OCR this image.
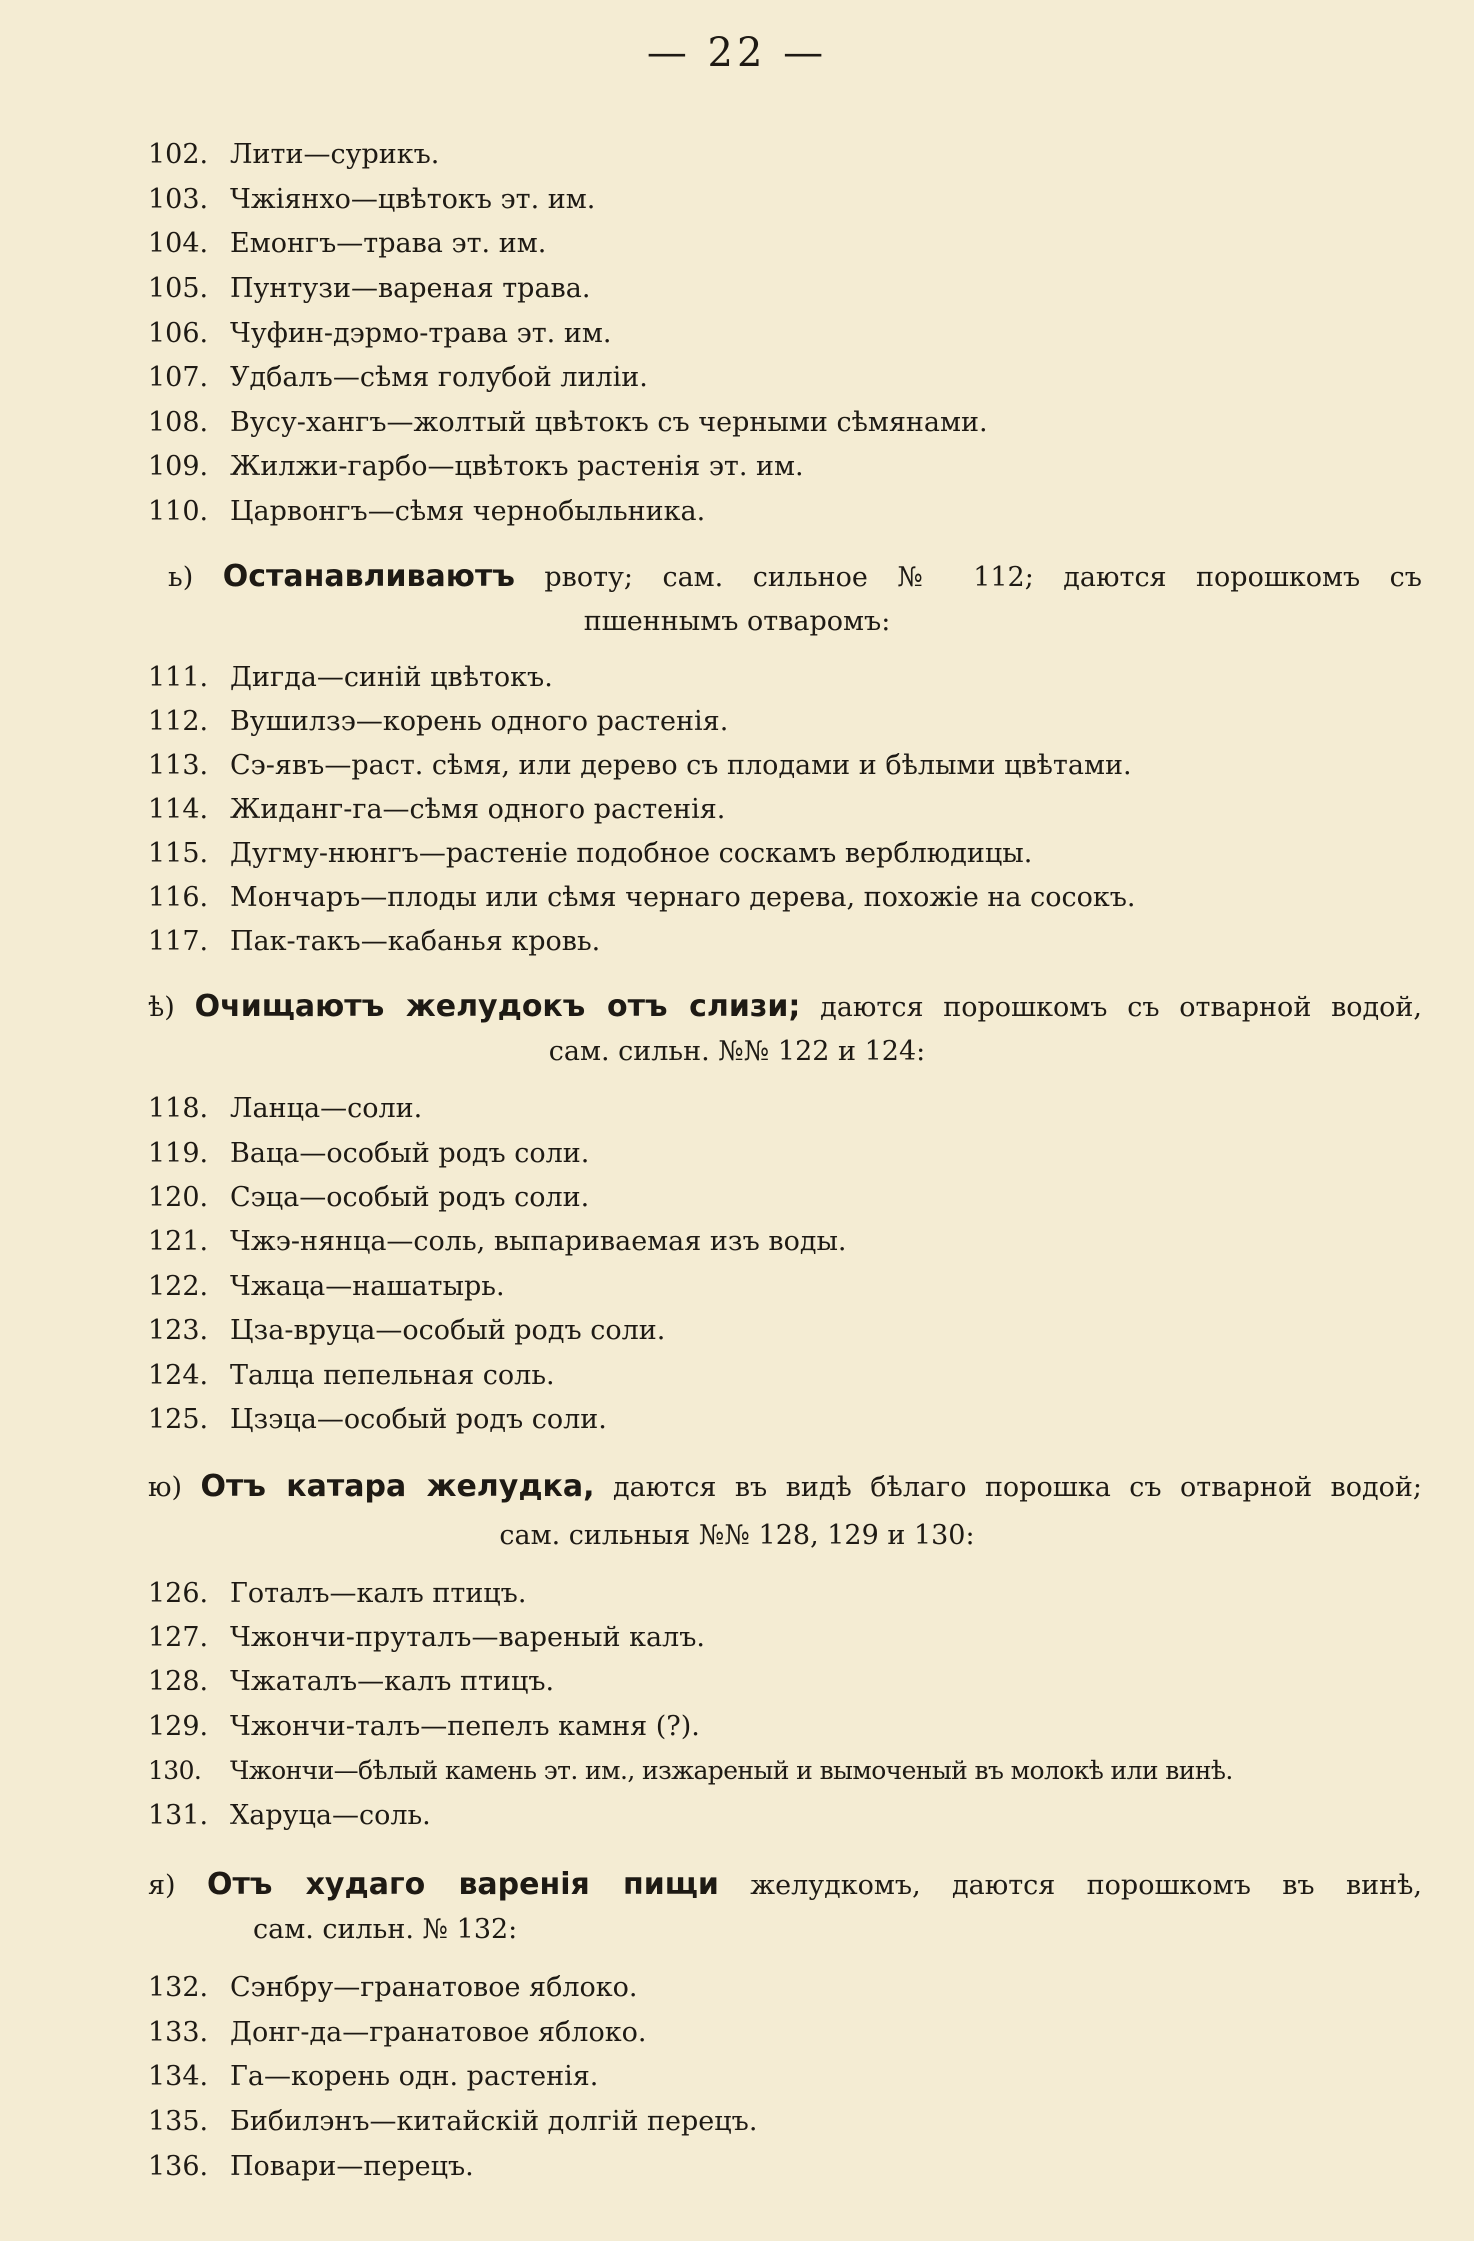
— 22 —
102. Лити—сурикъ.
103. Чжіянхо—цвѣтокъ эт. им.
104. Емонгъ—трава эт. им.
105. Пунтузи—вареная трава.
106. Чуфин-дэрмо-трава эт. им.
107. Удбалъ—сѣмя голубой лиліи.
108. Вусу-хангъ—жолтый цвѣтокъ съ черными сѣмянами.
109. Жилжи-гарбо—цвѣтокъ растенія эт. им.
110. Царвонгъ—сѣмя чернобыльника.
ь) Останавливаютъ рвоту; сам. сильное № 112; даются порошкомъ съ
пшеннымъ отваромъ:
111. Дигда—синій цвѣтокъ.
112. Вушилзэ—корень одного растенія.
113. Сэ-явъ—раст. сѣмя, или дерево съ плодами и бѣлыми цвѣтами.
114. Жиданг-га—сѣмя одного растенія.
115. Дугму-нюнгъ—растеніе подобное соскамъ верблюдицы.
116. Мончаръ—плоды или сѣмя чернаго дерева, похожіе на сосокъ.
117. Пак-такъ—кабанья кровь.
ѣ) Очищаютъ желудокъ отъ слизи; даются порошкомъ съ отварной водой,
сам. сильн. №№ 122 и 124:
118. Ланца—соли.
119. Ваца—особый родъ соли.
120. Сэца—особый родъ соли.
121. Чжэ-нянца—соль, выпариваемая изъ воды.
122. Чжаца—нашатырь.
123. Цза-вруца—особый родъ соли.
124. Талца пепельная соль.
125. Цзэца—особый родъ соли.
ю) Отъ катара желудка, даются въ видѣ бѣлаго порошка съ отварной водой;
сам. сильныя №№ 128, 129 и 130:
126. Готалъ—калъ птицъ.
127. Чжончи-пруталъ—вареный калъ.
128. Чжаталъ—калъ птицъ.
129. Чжончи-талъ—пепелъ камня (?).
130. Чжончи—бѣлый камень эт. им., изжареный и вымоченый въ молокѣ или винѣ.
131. Харуца—соль.
я) Отъ худаго варенія пищи желудкомъ, даются порошкомъ въ винѣ,
сам. сильн. № 132:
132. Сэнбру—гранатовое яблоко.
133. Донг-да—гранатовое яблоко.
134. Га—корень одн. растенія.
135. Бибилэнъ—китайскій долгій перецъ.
136. Повари—перецъ.
